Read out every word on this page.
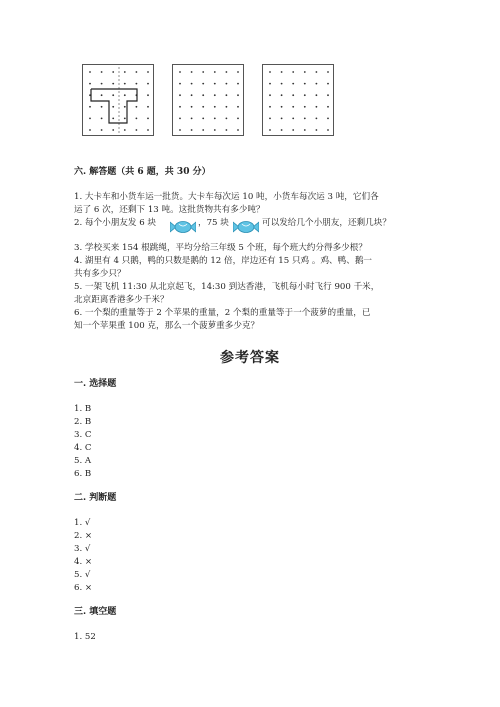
六. 解答题（共 6 题，共 30 分）
1. 大卡车和小货车运一批货。大卡车每次运 10 吨，小货车每次运 3 吨，它们各
运了 6 次，还剩下 13 吨。这批货物共有多少吨？
2. 每个小朋友发 6 块	，75 块	可以发给几个小朋友，还剩几块？
3. 学校买来 154 根跳绳，平均分给三年级 5 个班，每个班大约分得多少根？
4. 湖里有 4 只鹅，鸭的只数是鹅的 12 倍，岸边还有 15 只鸡 。鸡、鸭、鹅一
共有多少只？
5. 一架飞机 11:30 从北京起飞，14:30 到达香港，飞机每小时飞行 900 千米，
北京距离香港多少千米？
6. 一个梨的重量等于 2 个苹果的重量，2 个梨的重量等于一个菠萝的重量，已
知一个苹果重 100 克，那么一个菠萝重多少克？
参考答案
一. 选择题
1. B
2. B
3. C
4. C
5. A
6. B
二. 判断题
1. √
2. ×
3. √
4. ×
5. √
6. ×
三. 填空题
1. 52
